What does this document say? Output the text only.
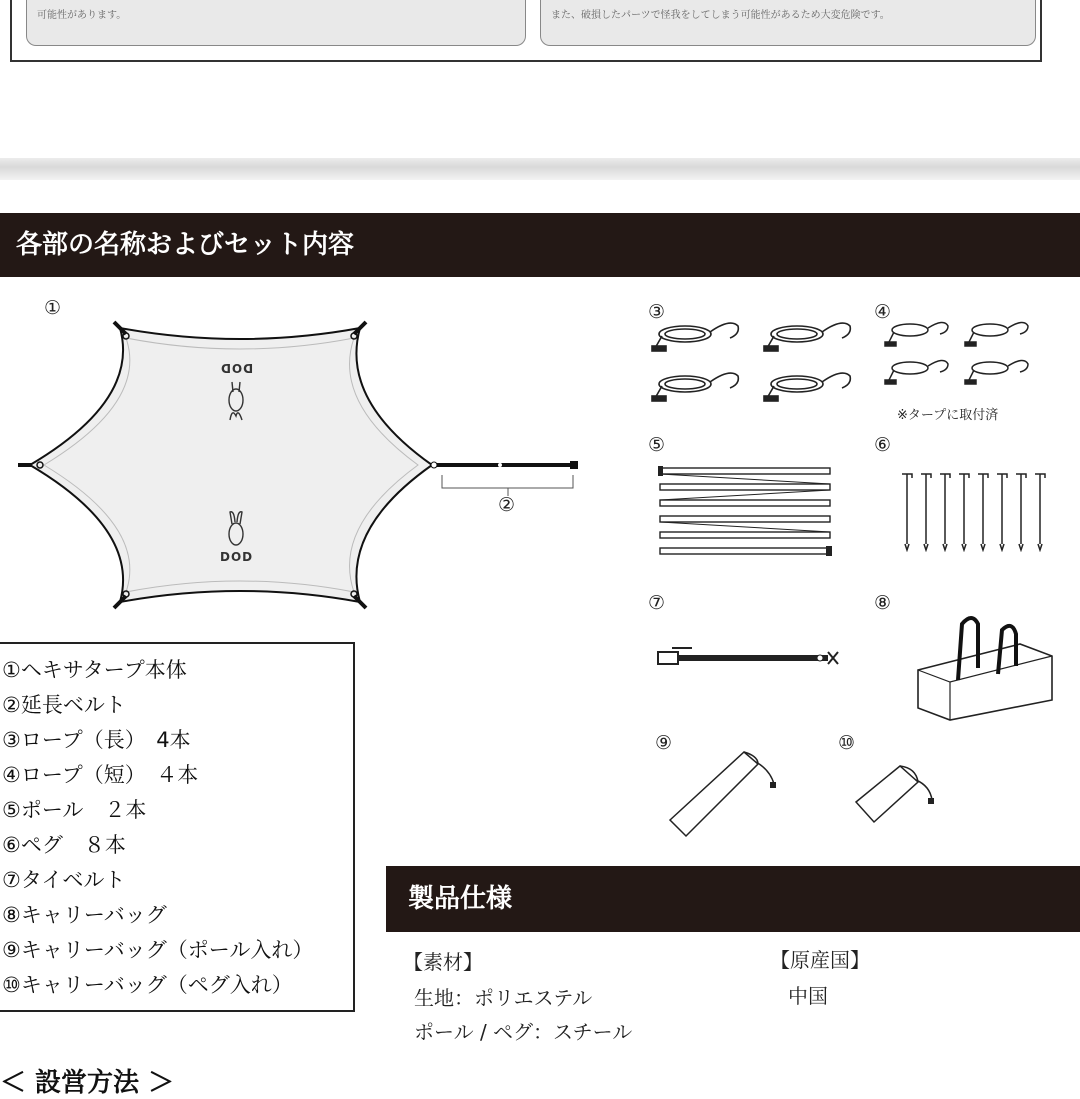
可能性があります。	また、破損したパーツで怪我をしてしまう可能性があるため大変危険です。
各部の名称およびセット内容
①
②
③	④
⑤	⑥
⑦	⑧
⑨	⑩
DOD
DOD
※タープに取付済
①ヘキサタープ本体
②延長ベルト
③ロープ（長）　4本
④ロープ（短）　４本
⑤ポール　２本
⑥ペグ　８本
⑦タイベルト
⑧キャリーバッグ
⑨キャリーバッグ（ポール入れ）
⑩キャリーバッグ（ペグ入れ）
製品仕様
【素材】
生地：ポリエステル
ポール / ペグ：スチール
【原産国】
中国
＜ 設営方法 ＞
